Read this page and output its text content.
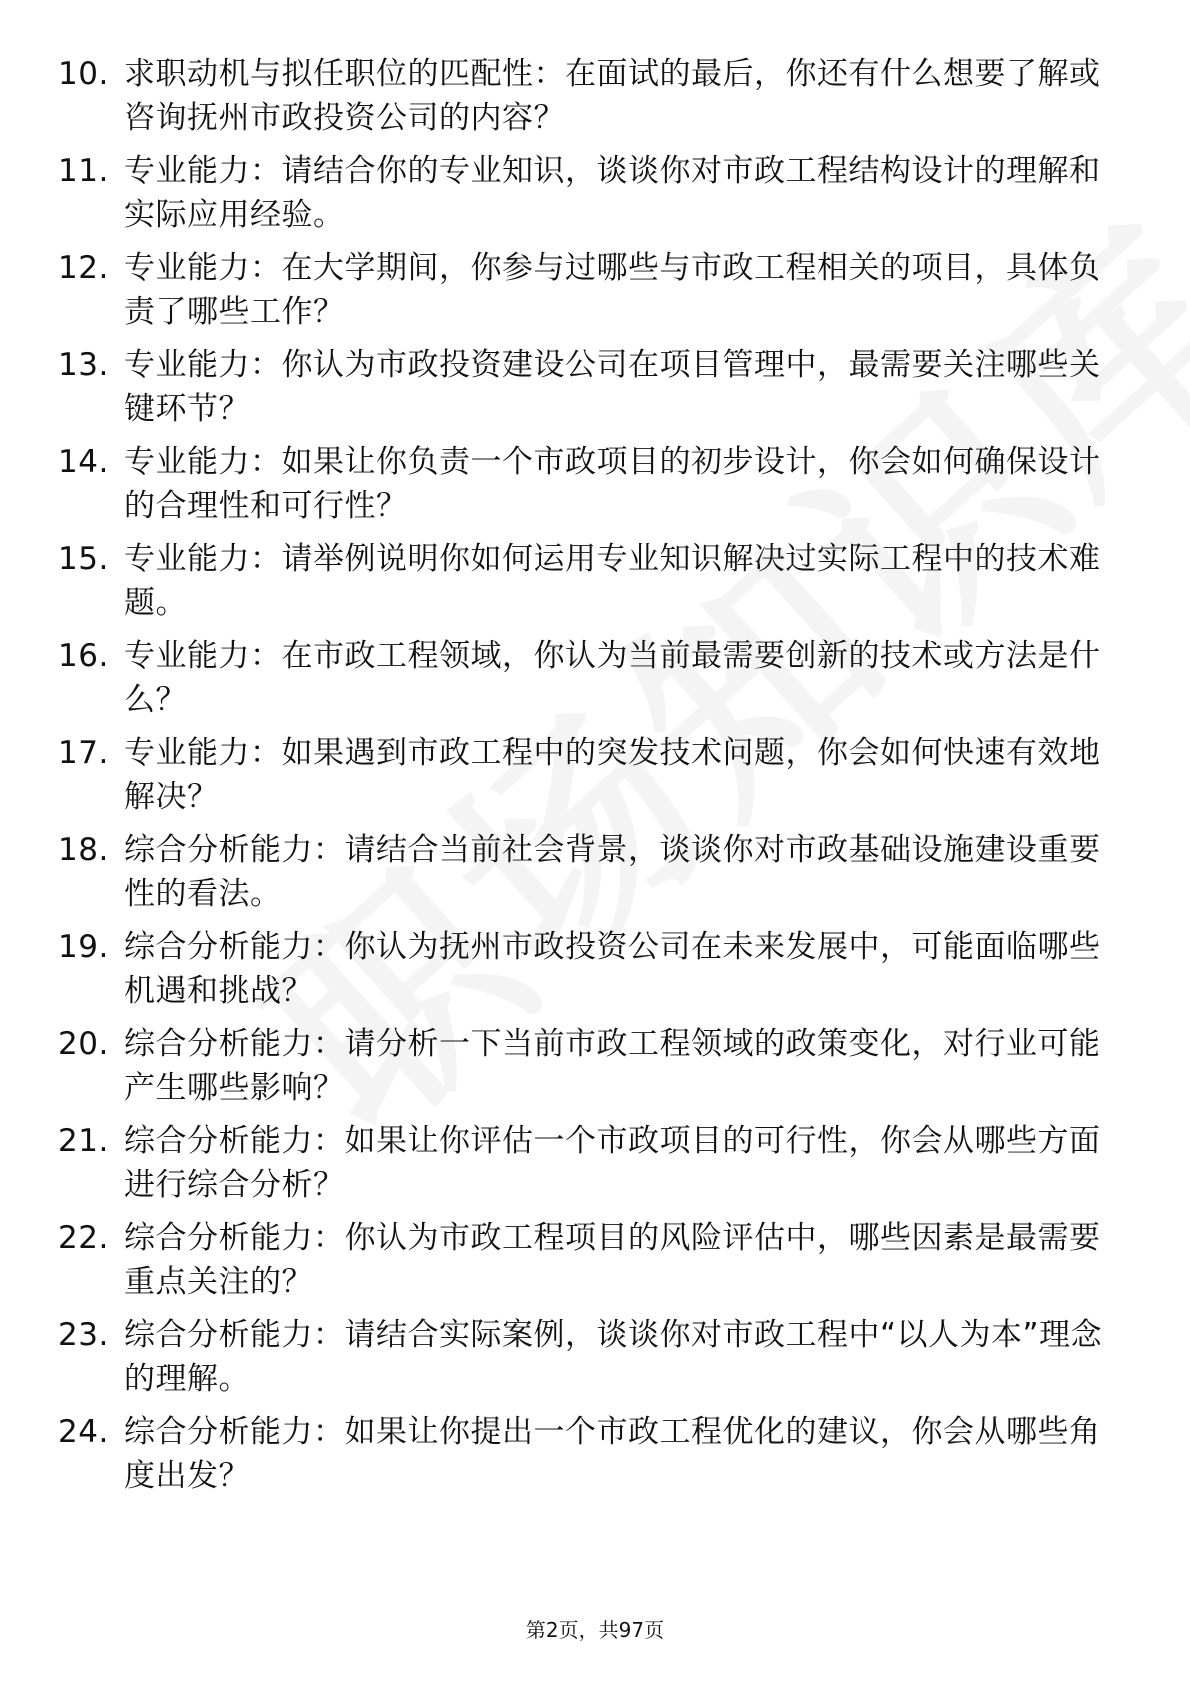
10. 求职动机与拟任职位的匹配性：在面试的最后，你还有什么想要了解或咨询抚州市政投资公司的内容？
11. 专业能力：请结合你的专业知识，谈谈你对市政工程结构设计的理解和实际应用经验。
12. 专业能力：在大学期间，你参与过哪些与市政工程相关的项目，具体负责了哪些工作？
13. 专业能力：你认为市政投资建设公司在项目管理中，最需要关注哪些关键环节？
14. 专业能力：如果让你负责一个市政项目的初步设计，你会如何确保设计的合理性和可行性？
15. 专业能力：请举例说明你如何运用专业知识解决过实际工程中的技术难题。
16. 专业能力：在市政工程领域，你认为当前最需要创新的技术或方法是什么？
17. 专业能力：如果遇到市政工程中的突发技术问题，你会如何快速有效地解决？
18. 综合分析能力：请结合当前社会背景，谈谈你对市政基础设施建设重要性的看法。
19. 综合分析能力：你认为抚州市政投资公司在未来发展中，可能面临哪些机遇和挑战？
20. 综合分析能力：请分析一下当前市政工程领域的政策变化，对行业可能产生哪些影响？
21. 综合分析能力：如果让你评估一个市政项目的可行性，你会从哪些方面进行综合分析？
22. 综合分析能力：你认为市政工程项目的风险评估中，哪些因素是最需要重点关注的？
23. 综合分析能力：请结合实际案例，谈谈你对市政工程中“以人为本”理念的理解。
24. 综合分析能力：如果让你提出一个市政工程优化的建议，你会从哪些角度出发？
第2页，共97页
